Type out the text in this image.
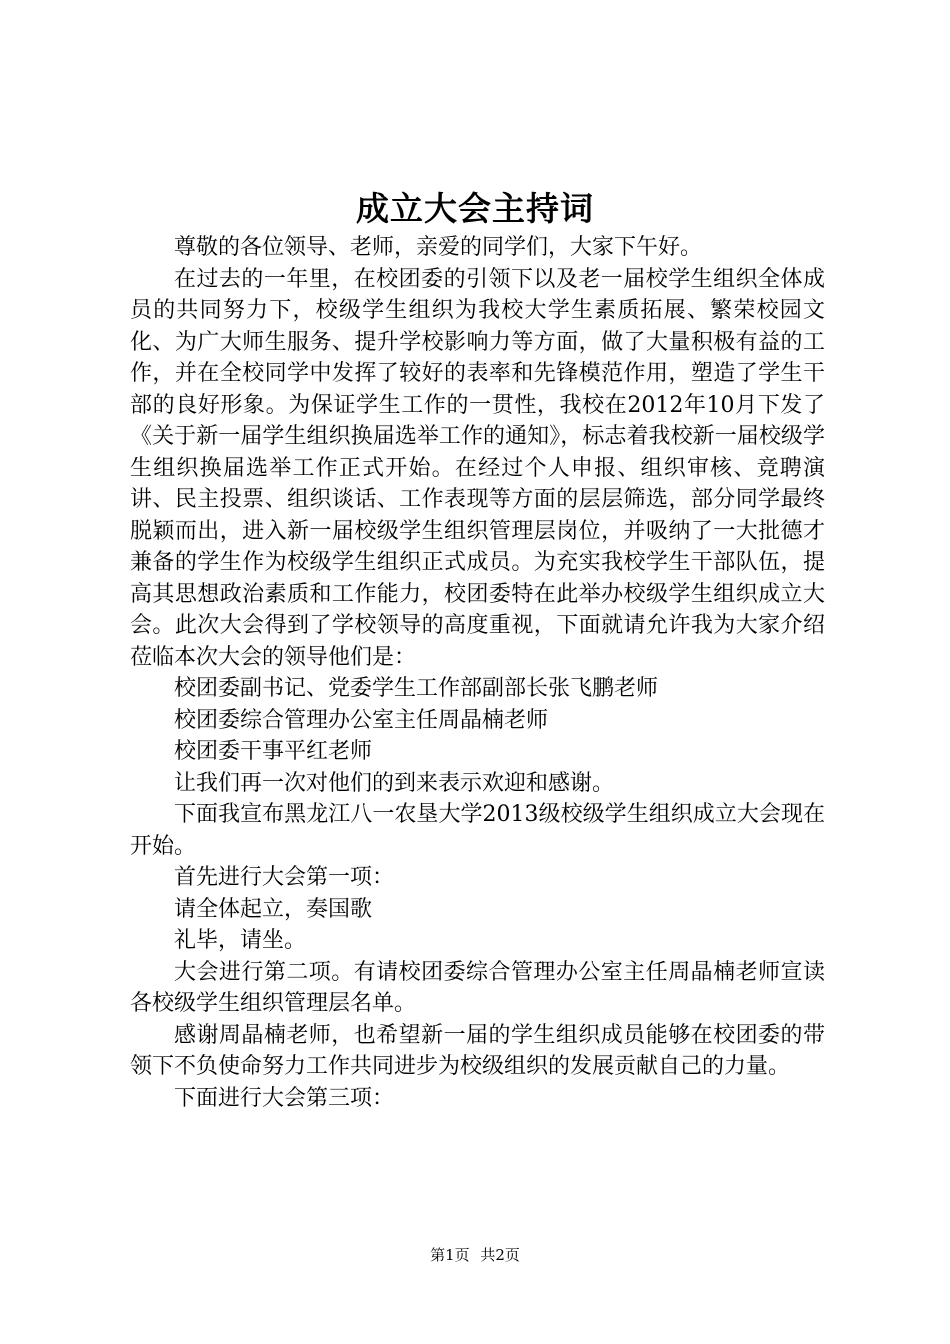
成立大会主持词

尊敬的各位领导、老师，亲爱的同学们，大家下午好。

在过去的一年里，在校团委的引领下以及老一届校学生组织全体成员的共同努力下，校级学生组织为我校大学生素质拓展、繁荣校园文化、为广大师生服务、提升学校影响力等方面，做了大量积极有益的工作，并在全校同学中发挥了较好的表率和先锋模范作用，塑造了学生干部的良好形象。为保证学生工作的一贯性，我校在2012年10月下发了《关于新一届学生组织换届选举工作的通知》，标志着我校新一届校级学生组织换届选举工作正式开始。在经过个人申报、组织审核、竞聘演讲、民主投票、组织谈话、工作表现等方面的层层筛选，部分同学最终脱颖而出，进入新一届校级学生组织管理层岗位，并吸纳了一大批德才兼备的学生作为校级学生组织正式成员。为充实我校学生干部队伍，提高其思想政治素质和工作能力，校团委特在此举办校级学生组织成立大会。此次大会得到了学校领导的高度重视，下面就请允许我为大家介绍莅临本次大会的领导他们是：

校团委副书记、党委学生工作部副部长张飞鹏老师

校团委综合管理办公室主任周晶楠老师

校团委干事平红老师

让我们再一次对他们的到来表示欢迎和感谢。

下面我宣布黑龙江八一农垦大学2013级校级学生组织成立大会现在开始。

首先进行大会第一项：

请全体起立，奏国歌

礼毕，请坐。

大会进行第二项。有请校团委综合管理办公室主任周晶楠老师宣读各校级学生组织管理层名单。

感谢周晶楠老师，也希望新一届的学生组织成员能够在校团委的带领下不负使命努力工作共同进步为校级组织的发展贡献自己的力量。

下面进行大会第三项：

第1页 共2页
